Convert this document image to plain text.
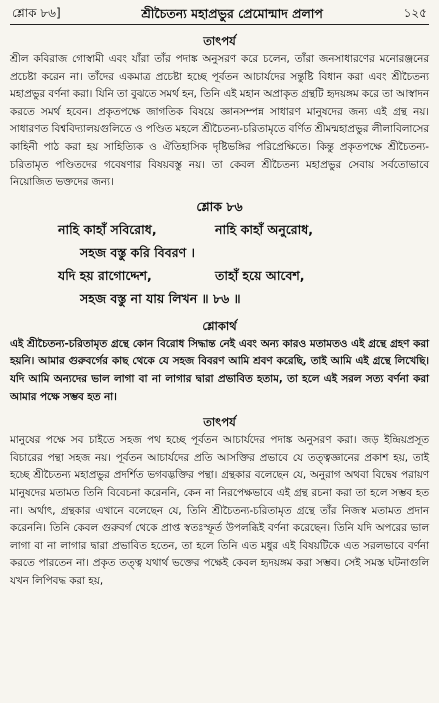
শ্লোক ৮৬]	শ্রীচৈতন্য মহাপ্রভুর প্রেমোন্মাদ প্রলাপ	১২৫
তাৎপর্য

শ্রীল কবিরাজ গোস্বামী এবং যাঁরা তাঁর পদাঙ্ক অনুসরণ করে চলেন, তাঁরা জনসাধারণের মনোরঞ্জনের প্রচেষ্টা করেন না। তাঁদের একমাত্র প্রচেষ্টা হচ্ছে পূর্বতন আচার্যদের সন্তুষ্টি বিধান করা এবং শ্রীচৈতন্য মহাপ্রভুর বর্ণনা করা। যিনি তা বুঝতে সমর্থ হন, তিনি এই মহান অপ্রাকৃত গ্রন্থটি হৃদয়ঙ্গম করে তা আস্বাদন করতে সমর্থ হবেন। প্রকৃতপক্ষে জাগতিক বিষয়ে জ্ঞানসম্পন্ন সাধারণ মানুষদের জন্য এই গ্রন্থ নয়। সাধারণত বিশ্ববিদ্যালয়গুলিতে ও পণ্ডিত মহলে শ্রীচৈতন্য-চরিতামৃতে বর্ণিত শ্রীমন্মহাপ্রভুর লীলাবিলাসের কাহিনী পাঠ করা হয় সাহিত্যিক ও ঐতিহাসিক দৃষ্টিভঙ্গির পরিপ্রেক্ষিতে। কিন্তু প্রকৃতপক্ষে শ্রীচৈতন্য-চরিতামৃত পণ্ডিতদের গবেষণার বিষয়বস্তু নয়। তা কেবল শ্রীচৈতন্য মহাপ্রভুর সেবায় সর্বতোভাবে নিয়োজিত ভক্তদের জন্য।

শ্লোক ৮৬
নাহি কাহাঁ সবিরোধ,	নাহি কাহাঁ অনুরোধ,
সহজ বস্তু করি বিবরণ ।
যদি হয় রাগোদ্দেশ,	তাহাঁ হয়ে আবেশ,
সহজ বস্তু না যায় লিখন ॥ ৮৬ ॥
শ্লোকার্থ

এই শ্রীচৈতন্য-চরিতামৃত গ্রন্থে কোন বিরোধ সিদ্ধান্ত নেই এবং অন্য কারও মতামতও এই গ্রন্থে গ্রহণ করা হয়নি। আমার গুরুবর্গের কাছ থেকে যে সহজ বিবরণ আমি শ্রবণ করেছি, তাই আমি এই গ্রন্থে লিখেছি। যদি আমি অন্যদের ভাল লাগা বা না লাগার দ্বারা প্রভাবিত হতাম, তা হলে এই সরল সত্য বর্ণনা করা আমার পক্ষে সম্ভব হত না।

তাৎপর্য

মানুষের পক্ষে সব চাইতে সহজ পথ হচ্ছে পূর্বতন আচার্যদের পদাঙ্ক অনুসরণ করা। জড় ইন্দ্রিয়প্রসূত বিচারের পন্থা সহজ নয়। পূর্বতন আচার্যদের প্রতি আসক্তির প্রভাবে যে তত্ত্বজ্ঞানের প্রকাশ হয়, তাই হচ্ছে শ্রীচৈতন্য মহাপ্রভুর প্রদর্শিত ভগবদ্ভক্তির পন্থা। গ্রন্থকার বলেছেন যে, অনুরাগ অথবা বিদ্বেষ পরায়ণ মানুষদের মতামত তিনি বিবেচনা করেননি, কেন না নিরপেক্ষভাবে এই গ্রন্থ রচনা করা তা হলে সম্ভব হত না। অর্থাৎ, গ্রন্থকার এখানে বলেছেন যে, তিনি শ্রীচৈতন্য-চরিতামৃত গ্রন্থে তাঁর নিজস্ব মতামত প্রদান করেননি। তিনি কেবল গুরুবর্গ থেকে প্রাপ্ত স্বতঃস্ফূর্ত উপলব্ধিই বর্ণনা করেছেন। তিনি যদি অপরের ভাল লাগা বা না লাগার দ্বারা প্রভাবিত হতেন, তা হলে তিনি এত মধুর এই বিষয়টিকে এত সরলভাবে বর্ণনা করতে পারতেন না। প্রকৃত তত্ত্ব যথার্থ ভক্তের পক্ষেই কেবল হৃদয়ঙ্গম করা সম্ভব। সেই সমস্ত ঘটনাগুলি যখন লিপিবদ্ধ করা হয়,
